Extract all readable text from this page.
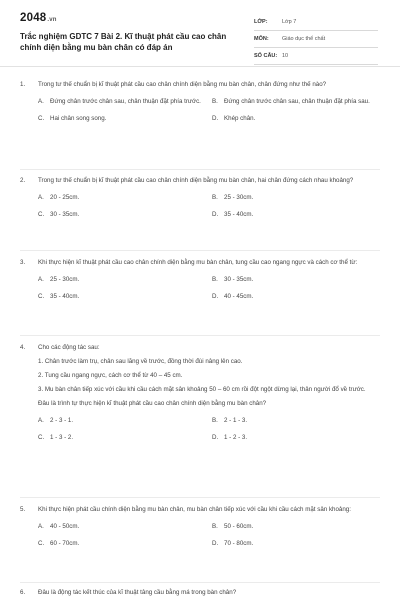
2048.vn
Trắc nghiệm GDTC 7 Bài 2. Kĩ thuật phát cầu cao chân chính diện bằng mu bàn chân có đáp án
LỚP:	Lớp 7
MÔN:	Giáo dục thể chất
SỐ CÂU: 10
1.	Trong tư thế chuẩn bị kĩ thuật phát cầu cao chân chính diện bằng mu bàn chân, chân đứng như thế nào?
A. Đứng chân trước chân sau, chân thuận đặt phía trước.	B. Đứng chân trước chân sau, chân thuận đặt phía sau.
C. Hai chân song song.	D. Khép chân.
2.	Trong tư thế chuẩn bị kĩ thuật phát cầu cao chân chính diện bằng mu bàn chân, hai chân đứng cách nhau khoảng?
A. 20 - 25cm.	B. 25 - 30cm.
C. 30 - 35cm.	D. 35 - 40cm.
3.	Khi thực hiện kĩ thuật phát cầu cao chân chính diện bằng mu bàn chân, tung cầu cao ngang ngực và cách cơ thể từ:
A. 25 - 30cm.	B. 30 - 35cm.
C. 35 - 40cm.	D. 40 - 45cm.
4.	Cho các động tác sau:
1. Chân trước làm trụ, chân sau lăng về trước, đồng thời đùi nâng lên cao.
2. Tung cầu ngang ngực, cách cơ thể từ 40 – 45 cm.
3. Mu bàn chân tiếp xúc với cầu khi cầu cách mặt sân khoảng 50 – 60 cm rồi đột ngột dừng lại, thân người đổ về trước.
Đâu là trình tự thực hiện kĩ thuật phát cầu cao chân chính diện bằng mu bàn chân?
A. 2 - 3 - 1.	B. 2 - 1 - 3.
C. 1 - 3 - 2.	D. 1 - 2 - 3.
5.	Khi thực hiện phát cầu chính diện bằng mu bàn chân, mu bàn chân tiếp xúc với cầu khi cầu cách mặt sân khoảng:
A. 40 - 50cm.	B. 50 - 60cm.
C. 60 - 70cm.	D. 70 - 80cm.
6.	Đâu là động tác kết thúc của kĩ thuật tâng cầu bằng má trong bàn chân?
